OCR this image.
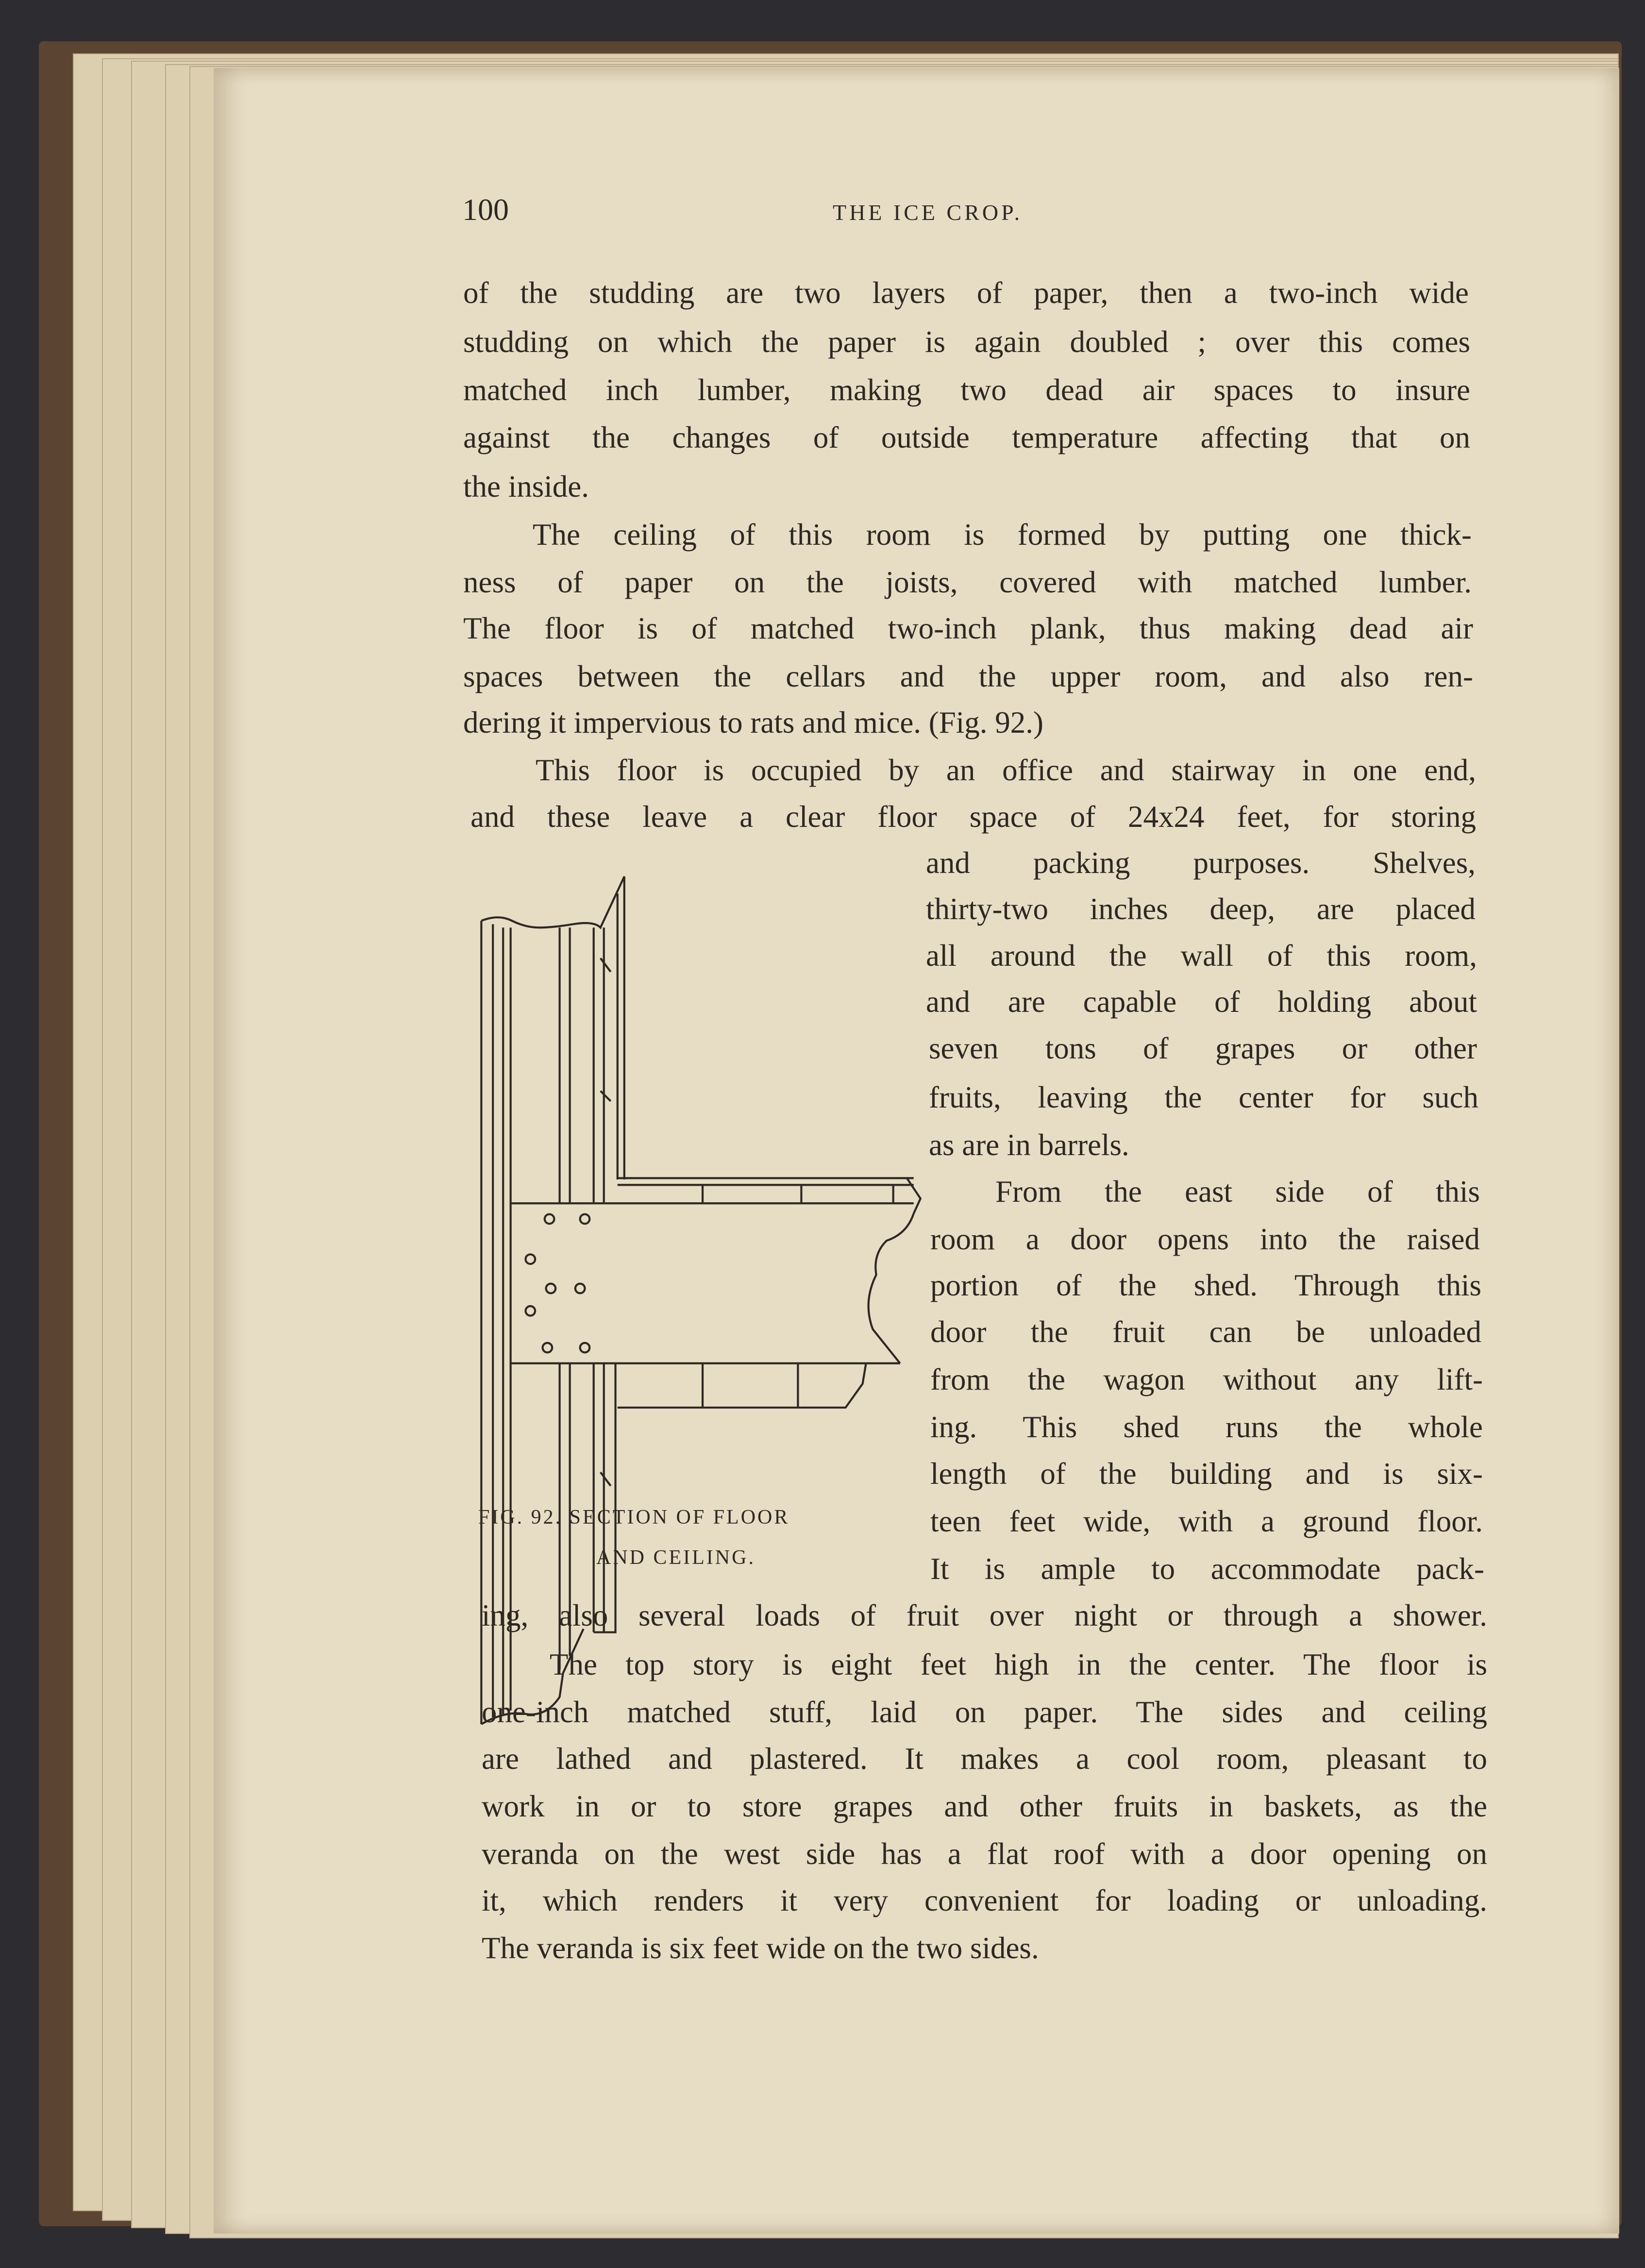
100	THE ICE CROP.
of the studding are two layers of paper, then a two-inch wide
studding on which the paper is again doubled ; over this comes
matched inch lumber, making two dead air spaces to insure
against the changes of outside temperature affecting that on
the inside.
The ceiling of this room is formed by putting one thick-
ness of paper on the joists, covered with matched lumber.
The floor is of matched two-inch plank, thus making dead air
spaces between the cellars and the upper room, and also ren-
dering it impervious to rats and mice. (Fig. 92.)
This floor is occupied by an office and stairway in one end,
and these leave a clear floor space of 24x24 feet, for storing
and packing purposes. Shelves,
thirty-two inches deep, are placed
all around the wall of this room,
and are capable of holding about
seven tons of grapes or other
fruits, leaving the center for such
as are in barrels.
From the east side of this
room a door opens into the raised
portion of the shed. Through this
door the fruit can be unloaded
from the wagon without any lift-
ing. This shed runs the whole
length of the building and is six-
teen feet wide, with a ground floor.
It is ample to accommodate pack-
ing, also several loads of fruit over night or through a shower.
The top story is eight feet high in the center. The floor is
one-inch matched stuff, laid on paper. The sides and ceiling
are lathed and plastered. It makes a cool room, pleasant to
work in or to store grapes and other fruits in baskets, as the
veranda on the west side has a flat roof with a door opening on
it, which renders it very convenient for loading or unloading.
The veranda is six feet wide on the two sides.
FIG. 92. SECTION OF FLOOR
AND CEILING.
